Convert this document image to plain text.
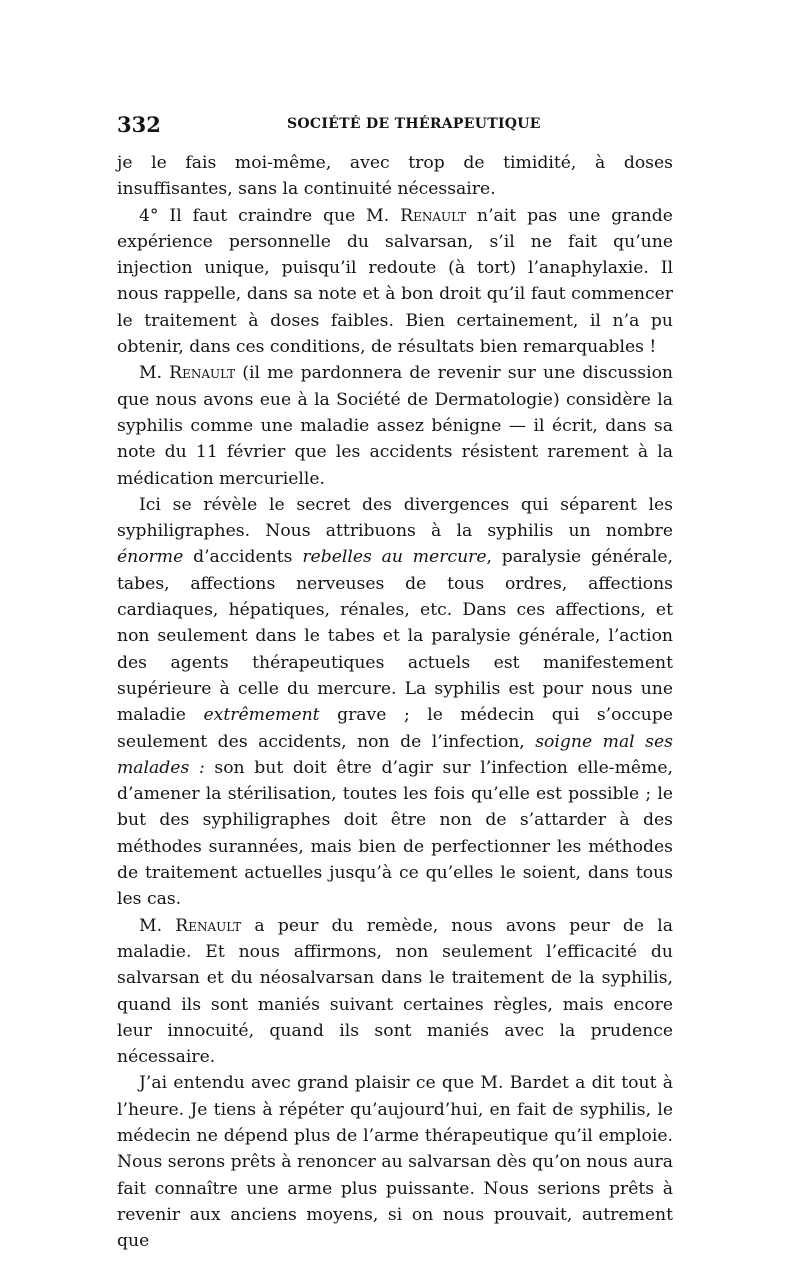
332	SOCIÉTÉ DE THÉRAPEUTIQUE

je le fais moi-même, avec trop de timidité, à doses insuffisantes, sans la continuité nécessaire.

4° Il faut craindre que M. Renault n’ait pas une grande expérience personnelle du salvarsan, s’il ne fait qu’une injection unique, puisqu’il redoute (à tort) l’anaphylaxie. Il nous rappelle, dans sa note et à bon droit qu’il faut commencer le traitement à doses faibles. Bien certainement, il n’a pu obtenir, dans ces conditions, de résultats bien remarquables !

M. Renault (il me pardonnera de revenir sur une discussion que nous avons eue à la Société de Dermatologie) considère la syphilis comme une maladie assez bénigne — il écrit, dans sa note du 11 février que les accidents résistent rarement à la médication mercurielle.

Ici se révèle le secret des divergences qui séparent les syphiligraphes. Nous attribuons à la syphilis un nombre énorme d’accidents rebelles au mercure, paralysie générale, tabes, affections nerveuses de tous ordres, affections cardiaques, hépatiques, rénales, etc. Dans ces affections, et non seulement dans le tabes et la paralysie générale, l’action des agents thérapeutiques actuels est manifestement supérieure à celle du mercure. La syphilis est pour nous une maladie extrêmement grave ; le médecin qui s’occupe seulement des accidents, non de l’infection, soigne mal ses malades : son but doit être d’agir sur l’infection elle-même, d’amener la stérilisation, toutes les fois qu’elle est possible ; le but des syphiligraphes doit être non de s’attarder à des méthodes surannées, mais bien de perfectionner les méthodes de traitement actuelles jusqu’à ce qu’elles le soient, dans tous les cas.

M. Renault a peur du remède, nous avons peur de la maladie. Et nous affirmons, non seulement l’efficacité du salvarsan et du néosalvarsan dans le traitement de la syphilis, quand ils sont maniés suivant certaines règles, mais encore leur innocuité, quand ils sont maniés avec la prudence nécessaire.

J’ai entendu avec grand plaisir ce que M. Bardet a dit tout à l’heure. Je tiens à répéter qu’aujourd’hui, en fait de syphilis, le médecin ne dépend plus de l’arme thérapeutique qu’il emploie. Nous serons prêts à renoncer au salvarsan dès qu’on nous aura fait connaître une arme plus puissante. Nous serions prêts à revenir aux anciens moyens, si on nous prouvait, autrement que
